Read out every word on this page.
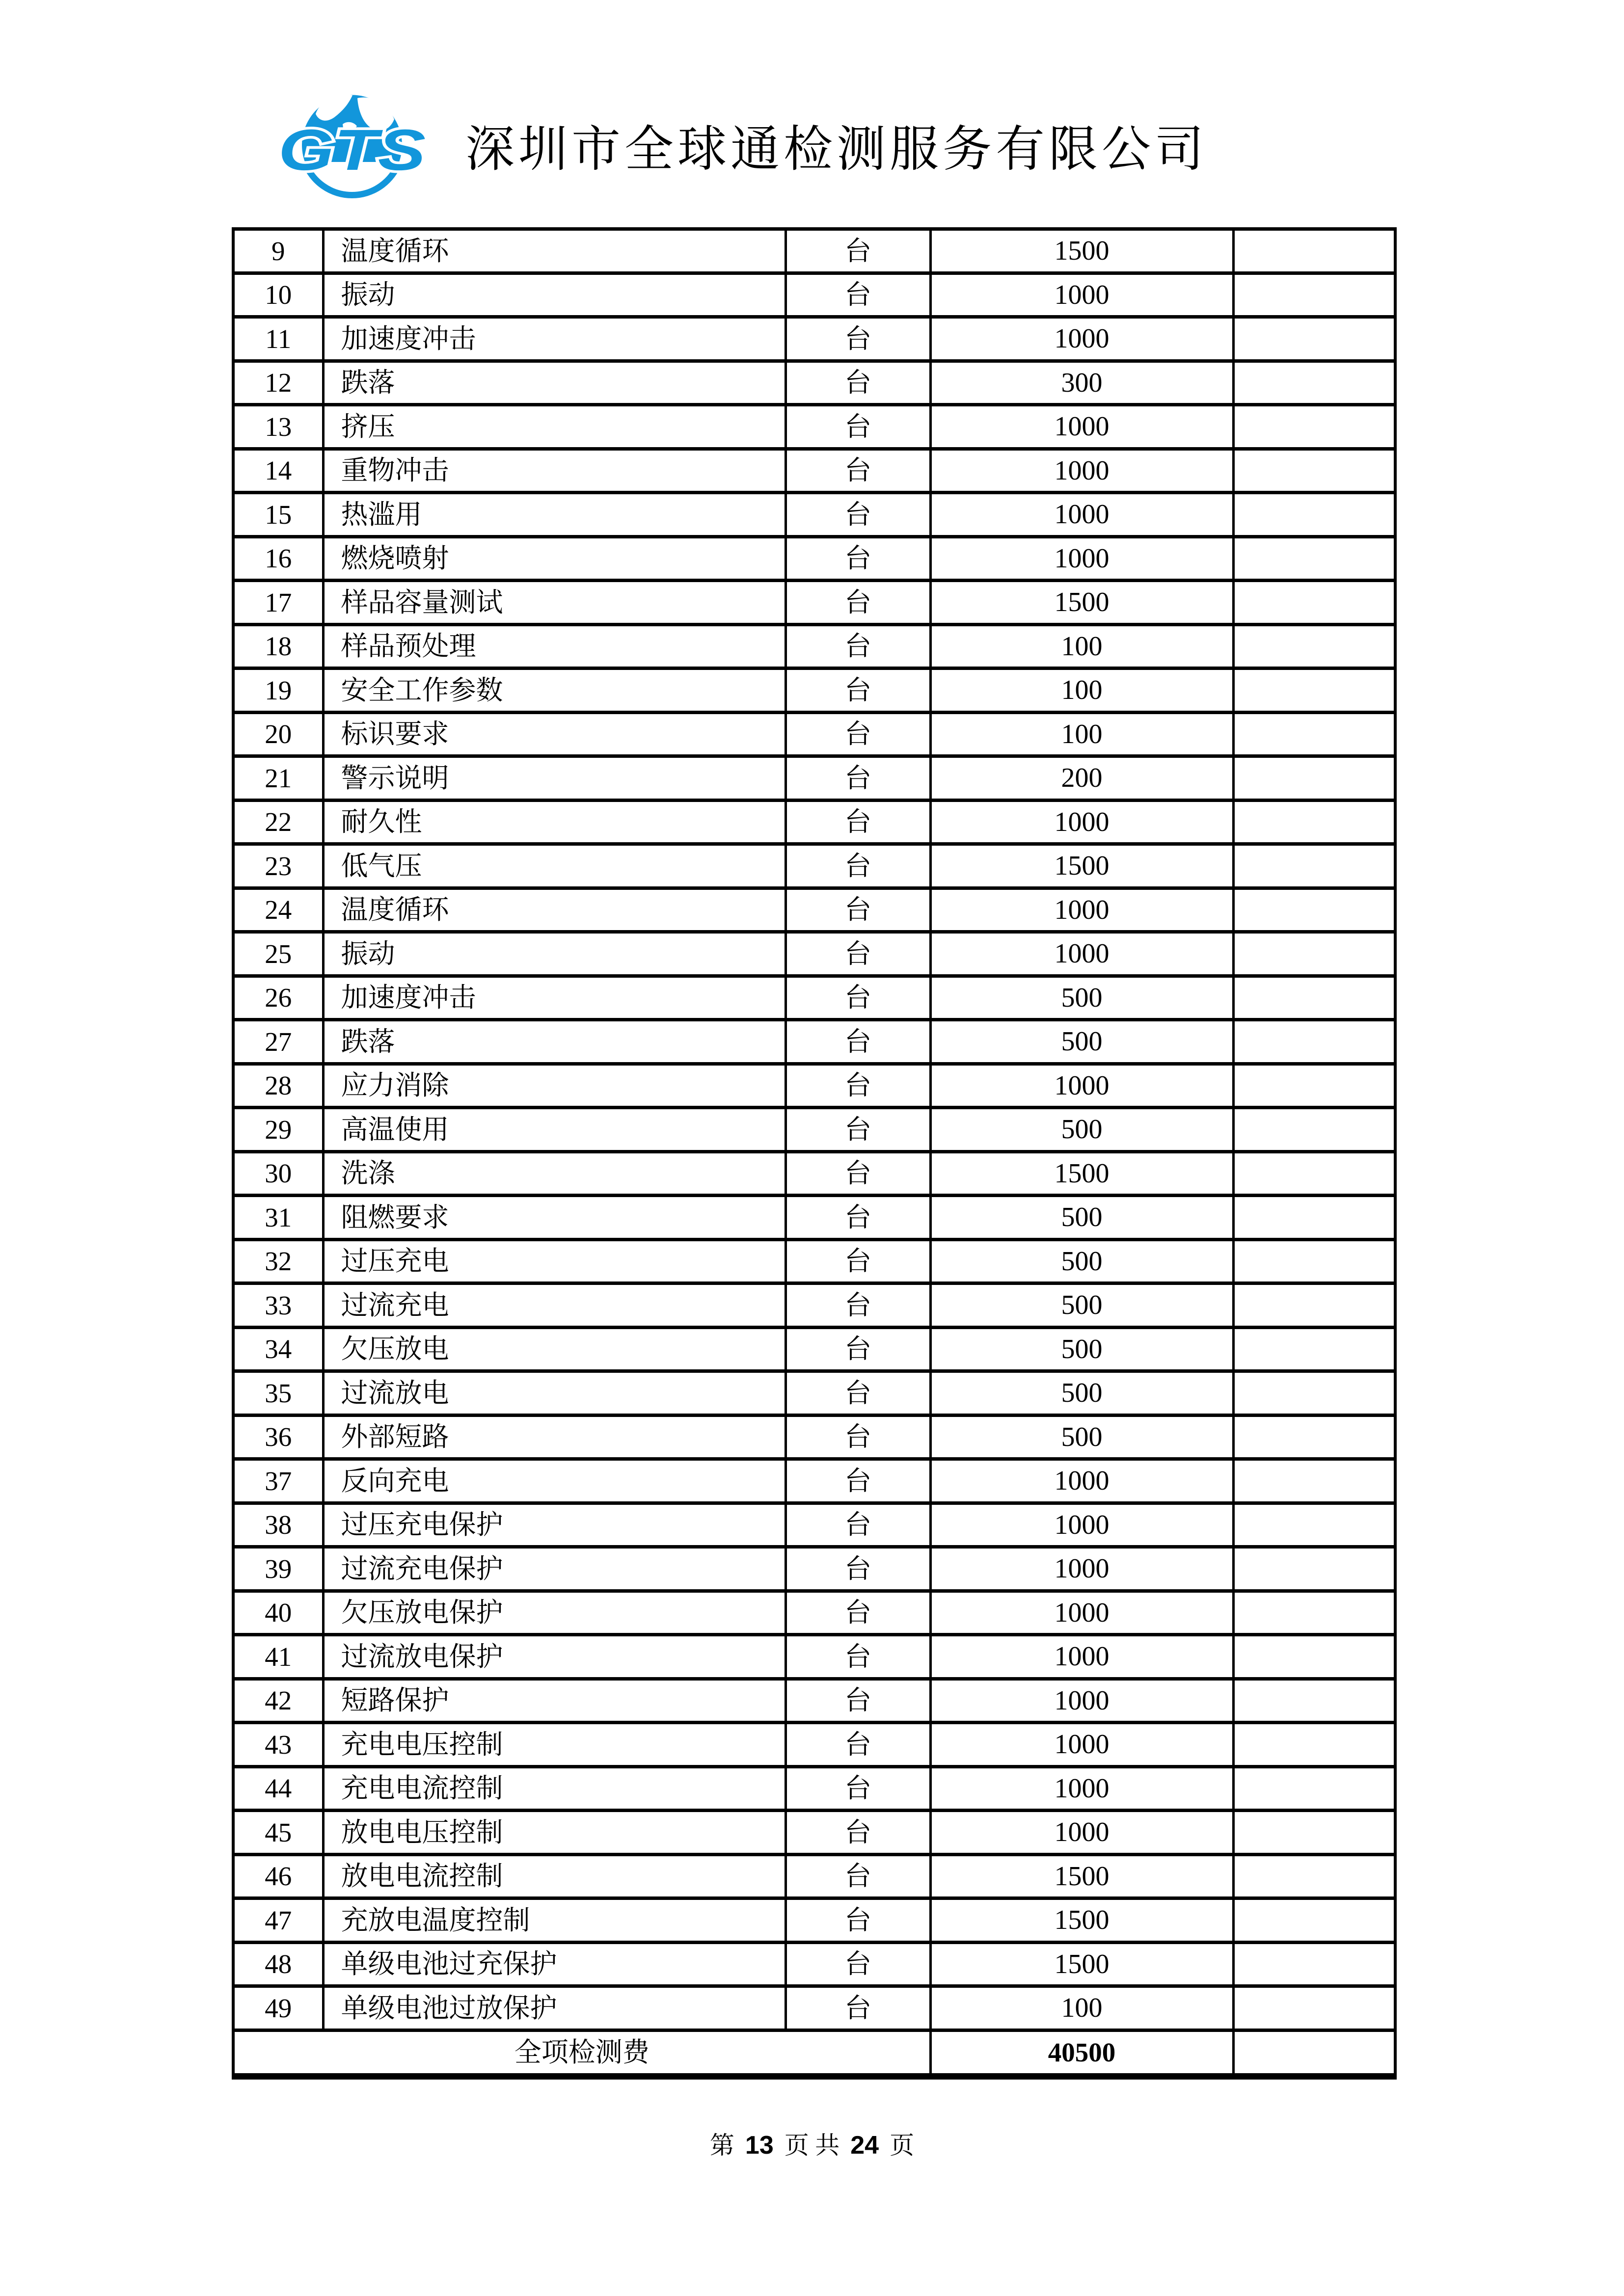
GTS 深圳市全球通检测服务有限公司
9	温度循环	台	1500	
10	振动	台	1000	
11	加速度冲击	台	1000	
12	跌落	台	300	
13	挤压	台	1000	
14	重物冲击	台	1000	
15	热滥用	台	1000	
16	燃烧喷射	台	1000	
17	样品容量测试	台	1500	
18	样品预处理	台	100	
19	安全工作参数	台	100	
20	标识要求	台	100	
21	警示说明	台	200	
22	耐久性	台	1000	
23	低气压	台	1500	
24	温度循环	台	1000	
25	振动	台	1000	
26	加速度冲击	台	500	
27	跌落	台	500	
28	应力消除	台	1000	
29	高温使用	台	500	
30	洗涤	台	1500	
31	阻燃要求	台	500	
32	过压充电	台	500	
33	过流充电	台	500	
34	欠压放电	台	500	
35	过流放电	台	500	
36	外部短路	台	500	
37	反向充电	台	1000	
38	过压充电保护	台	1000	
39	过流充电保护	台	1000	
40	欠压放电保护	台	1000	
41	过流放电保护	台	1000	
42	短路保护	台	1000	
43	充电电压控制	台	1000	
44	充电电流控制	台	1000	
45	放电电压控制	台	1000	
46	放电电流控制	台	1500	
47	充放电温度控制	台	1500	
48	单级电池过充保护	台	1500	
49	单级电池过放保护	台	100	
全项检测费			40500	
第 13 页 共 24 页
